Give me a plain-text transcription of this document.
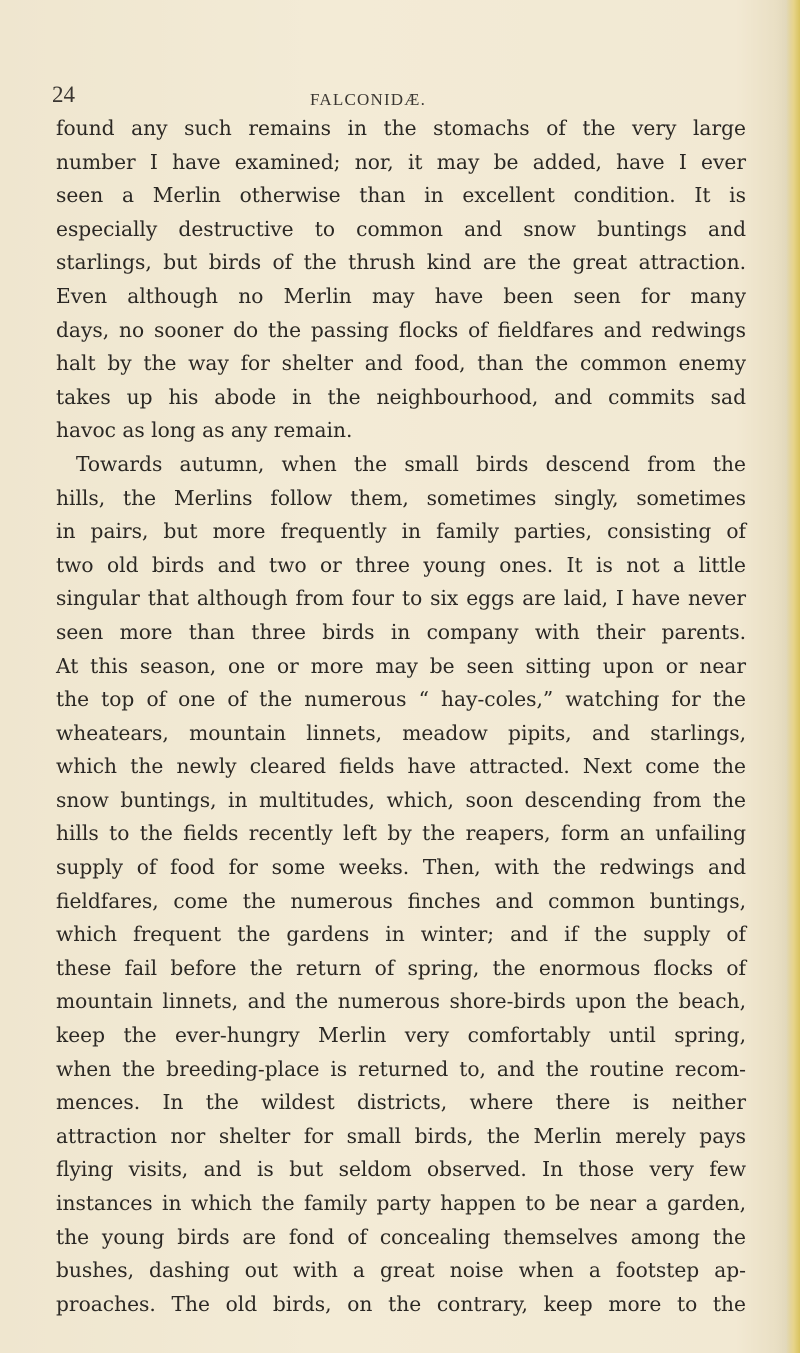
24	FALCONIDÆ.
found any such remains in the stomachs of the very large
number I have examined; nor, it may be added, have I ever
seen a Merlin otherwise than in excellent condition. It is
especially destructive to common and snow buntings and
starlings, but birds of the thrush kind are the great attraction.
Even although no Merlin may have been seen for many
days, no sooner do the passing flocks of fieldfares and redwings
halt by the way for shelter and food, than the common enemy
takes up his abode in the neighbourhood, and commits sad
havoc as long as any remain.
Towards autumn, when the small birds descend from the
hills, the Merlins follow them, sometimes singly, sometimes
in pairs, but more frequently in family parties, consisting of
two old birds and two or three young ones. It is not a little
singular that although from four to six eggs are laid, I have never
seen more than three birds in company with their parents.
At this season, one or more may be seen sitting upon or near
the top of one of the numerous “ hay-coles,” watching for the
wheatears, mountain linnets, meadow pipits, and starlings,
which the newly cleared fields have attracted. Next come the
snow buntings, in multitudes, which, soon descending from the
hills to the fields recently left by the reapers, form an unfailing
supply of food for some weeks. Then, with the redwings and
fieldfares, come the numerous finches and common buntings,
which frequent the gardens in winter; and if the supply of
these fail before the return of spring, the enormous flocks of
mountain linnets, and the numerous shore-birds upon the beach,
keep the ever-hungry Merlin very comfortably until spring,
when the breeding-place is returned to, and the routine recom-
mences. In the wildest districts, where there is neither
attraction nor shelter for small birds, the Merlin merely pays
flying visits, and is but seldom observed. In those very few
instances in which the family party happen to be near a garden,
the young birds are fond of concealing themselves among the
bushes, dashing out with a great noise when a footstep ap-
proaches. The old birds, on the contrary, keep more to the
